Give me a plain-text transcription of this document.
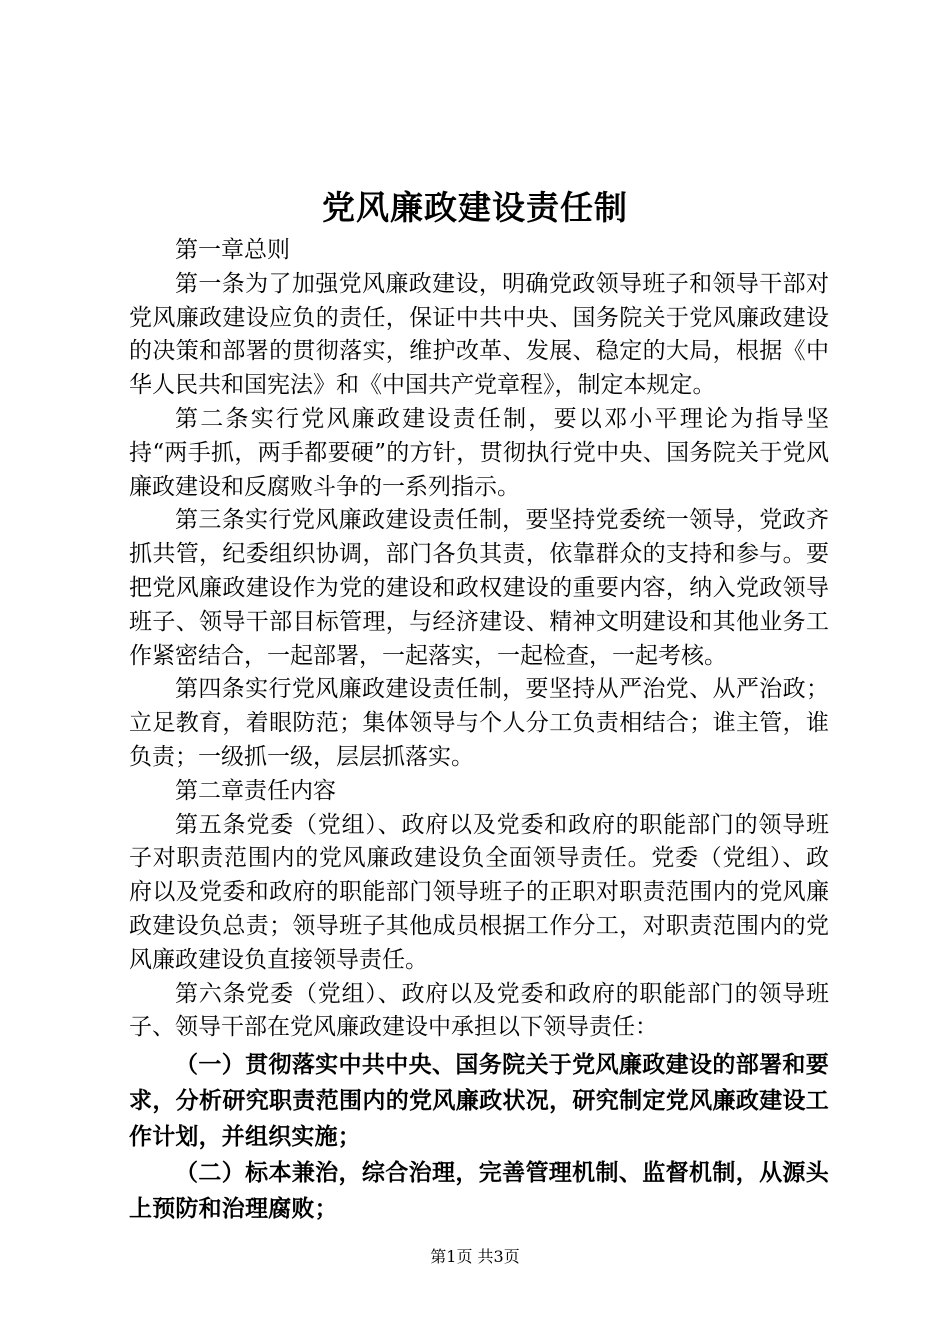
党风廉政建设责任制

第一章总则

第一条为了加强党风廉政建设，明确党政领导班子和领导干部对党风廉政建设应负的责任，保证中共中央、国务院关于党风廉政建设的决策和部署的贯彻落实，维护改革、发展、稳定的大局，根据《中华人民共和国宪法》和《中国共产党章程》，制定本规定。

第二条实行党风廉政建设责任制，要以邓小平理论为指导坚持“两手抓，两手都要硬”的方针，贯彻执行党中央、国务院关于党风廉政建设和反腐败斗争的一系列指示。

第三条实行党风廉政建设责任制，要坚持党委统一领导，党政齐抓共管，纪委组织协调，部门各负其责，依靠群众的支持和参与。要把党风廉政建设作为党的建设和政权建设的重要内容，纳入党政领导班子、领导干部目标管理，与经济建设、精神文明建设和其他业务工作紧密结合，一起部署，一起落实，一起检查，一起考核。

第四条实行党风廉政建设责任制，要坚持从严治党、从严治政；立足教育，着眼防范；集体领导与个人分工负责相结合；谁主管，谁负责；一级抓一级，层层抓落实。

第二章责任内容

第五条党委（党组）、政府以及党委和政府的职能部门的领导班子对职责范围内的党风廉政建设负全面领导责任。党委（党组）、政府以及党委和政府的职能部门领导班子的正职对职责范围内的党风廉政建设负总责；领导班子其他成员根据工作分工，对职责范围内的党风廉政建设负直接领导责任。

第六条党委（党组）、政府以及党委和政府的职能部门的领导班子、领导干部在党风廉政建设中承担以下领导责任：

（一）贯彻落实中共中央、国务院关于党风廉政建设的部署和要求，分析研究职责范围内的党风廉政状况，研究制定党风廉政建设工作计划，并组织实施；

（二）标本兼治，综合治理，完善管理机制、监督机制，从源头上预防和治理腐败；

第1页 共3页
